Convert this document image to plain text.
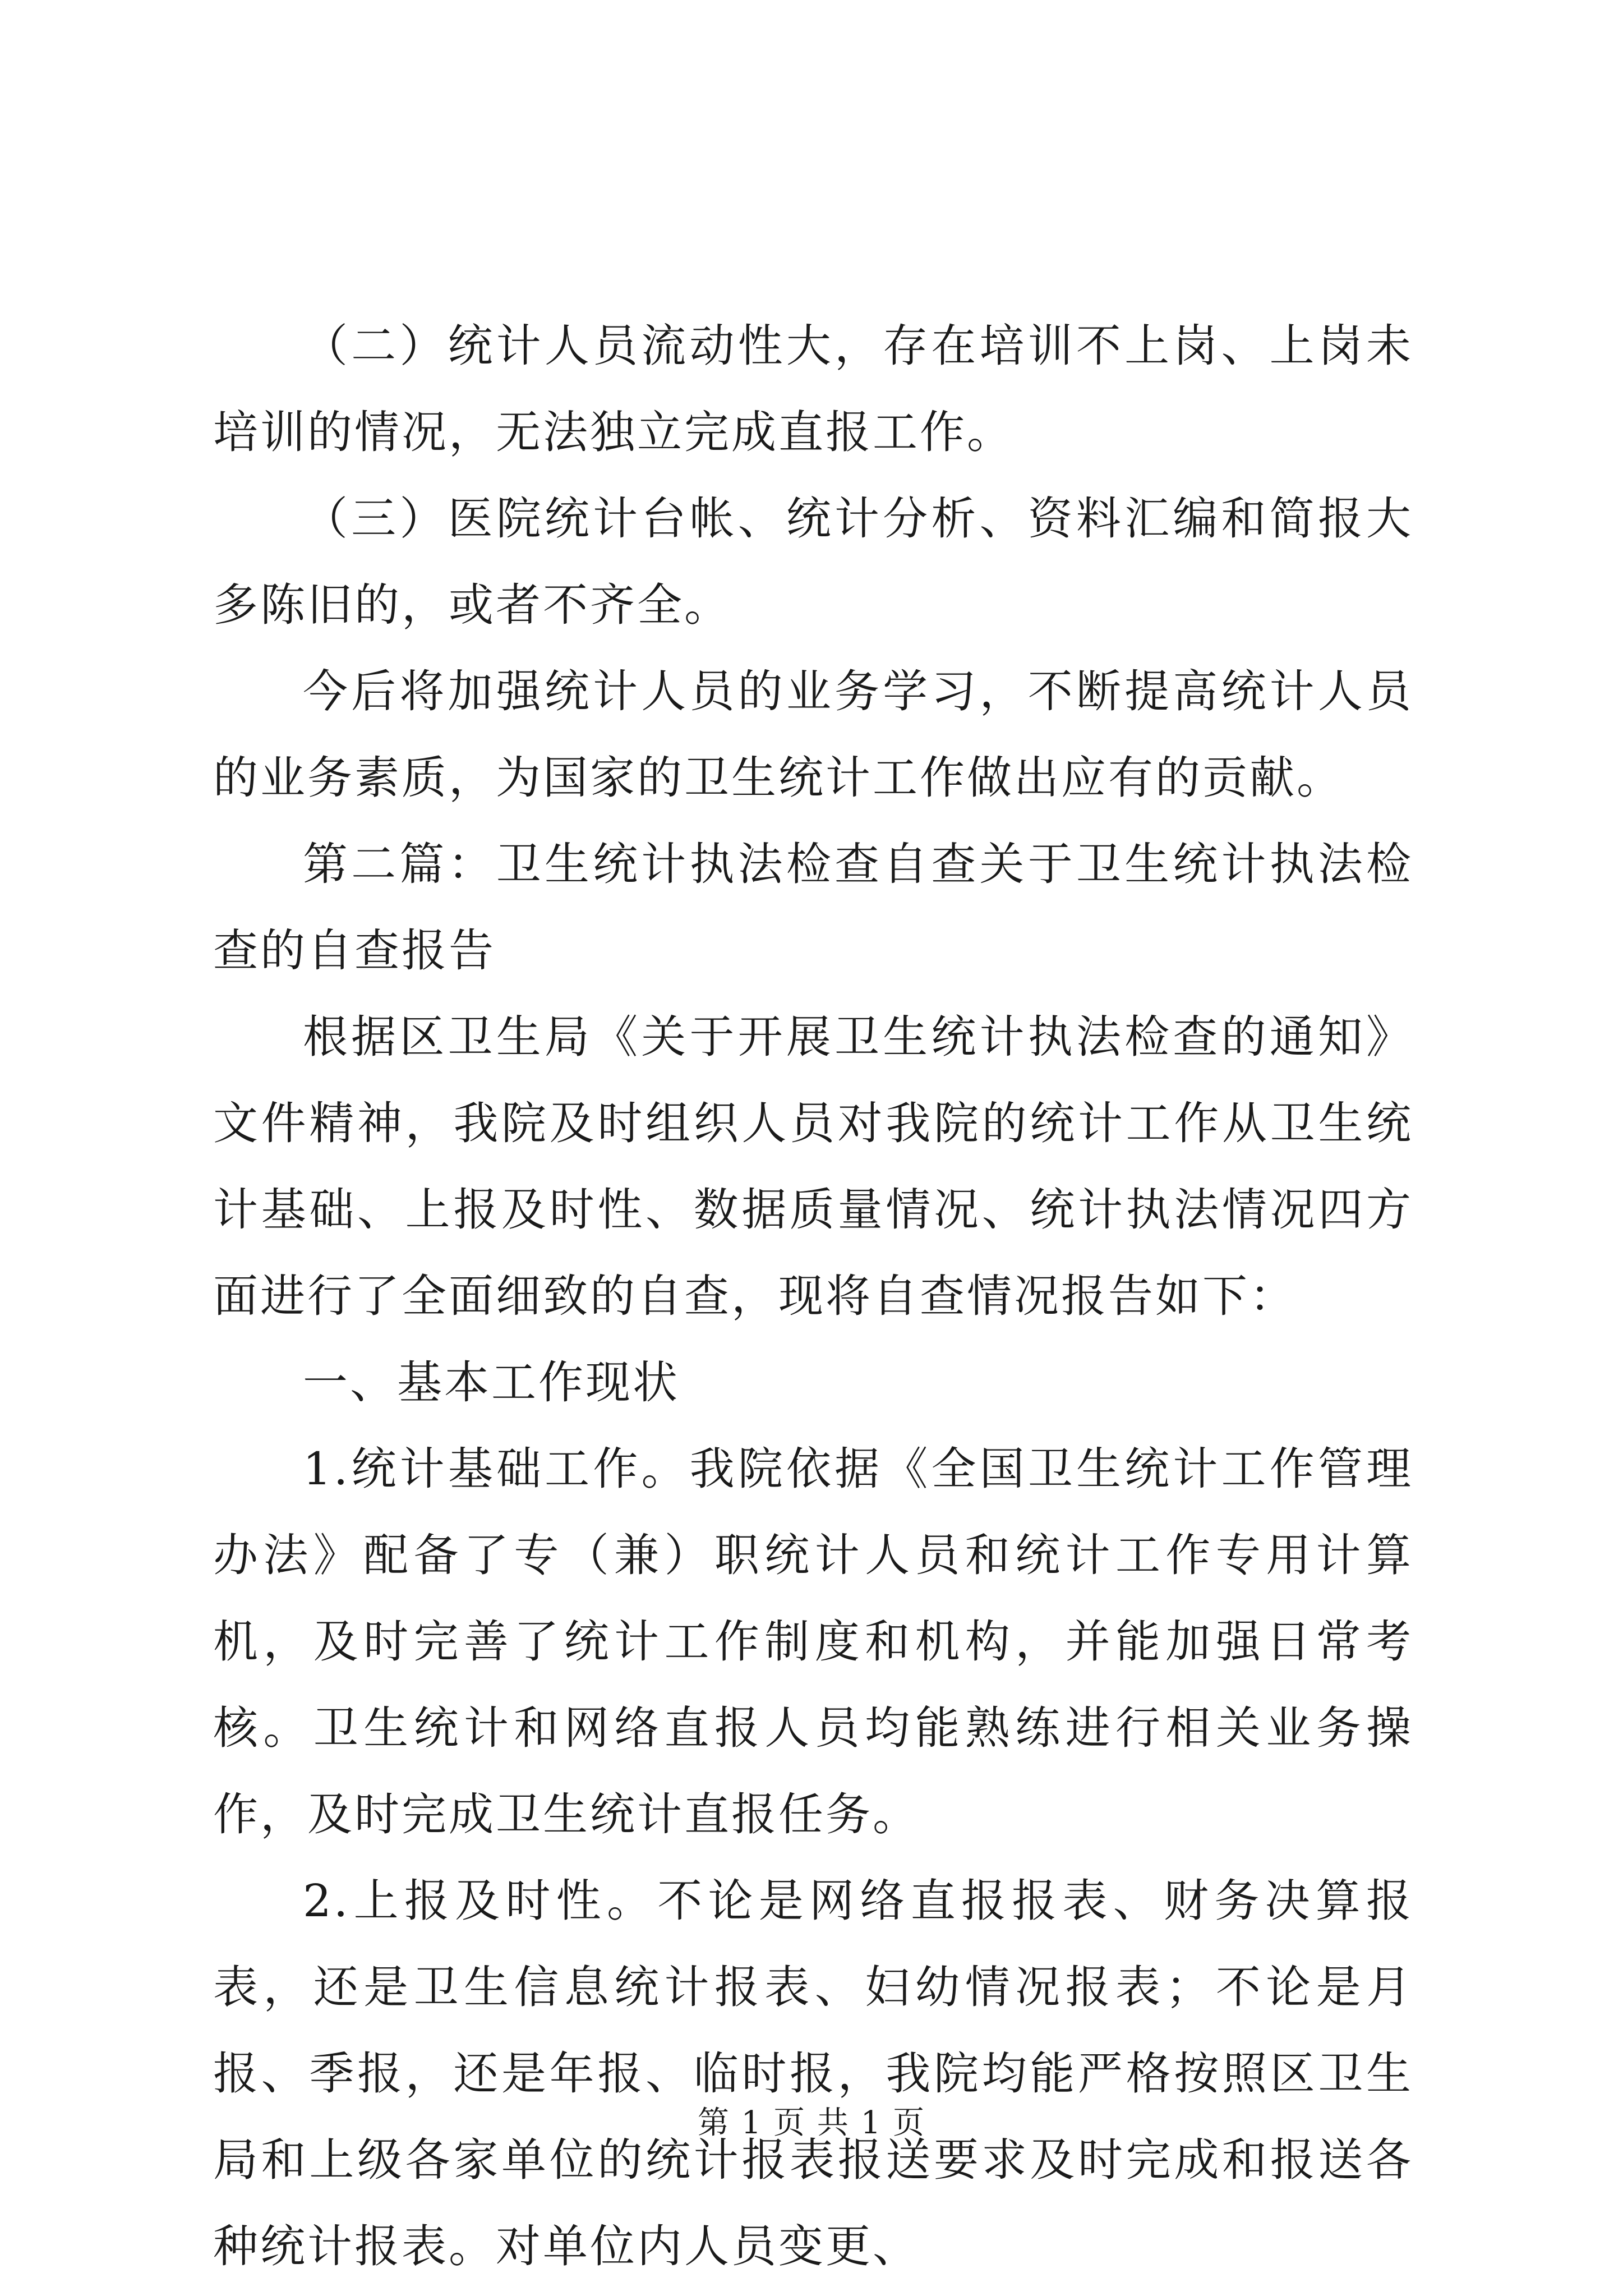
（二）统计人员流动性大，存在培训不上岗、上岗未培训的情况，无法独立完成直报工作。

（三）医院统计台帐、统计分析、资料汇编和简报大多陈旧的，或者不齐全。

今后将加强统计人员的业务学习，不断提高统计人员的业务素质，为国家的卫生统计工作做出应有的贡献。

第二篇：卫生统计执法检查自查关于卫生统计执法检查的自查报告

根据区卫生局《关于开展卫生统计执法检查的通知》文件精神，我院及时组织人员对我院的统计工作从卫生统计基础、上报及时性、数据质量情况、统计执法情况四方面进行了全面细致的自查，现将自查情况报告如下：

一、基本工作现状

1.统计基础工作。我院依据《全国卫生统计工作管理办法》配备了专（兼）职统计人员和统计工作专用计算机，及时完善了统计工作制度和机构，并能加强日常考核。卫生统计和网络直报人员均能熟练进行相关业务操作，及时完成卫生统计直报任务。

2.上报及时性。不论是网络直报报表、财务决算报表，还是卫生信息统计报表、妇幼情况报表；不论是月报、季报，还是年报、临时报，我院均能严格按照区卫生局和上级各家单位的统计报表报送要求及时完成和报送各种统计报表。对单位内人员变更、

第 1 页 共 1 页
